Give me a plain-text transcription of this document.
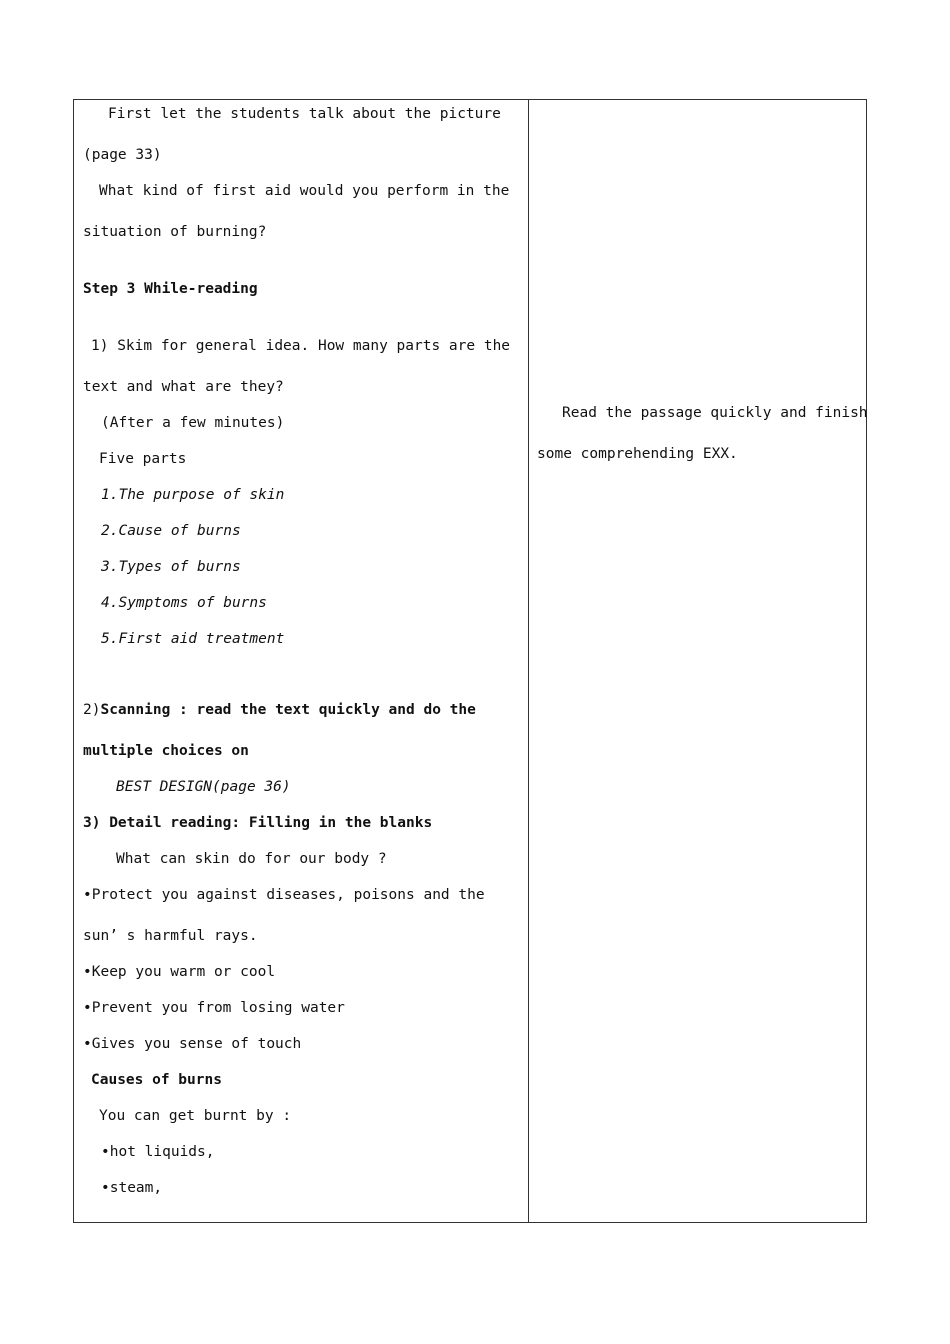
First let the students talk about the picture
(page 33)
What kind of first aid would you perform in the
situation of burning?
Step 3 While-reading
1) Skim for general idea. How many parts are the
text and what are they?
(After a few minutes)
Five parts
1.The purpose of skin
2.Cause of burns
3.Types of burns
4.Symptoms of burns
5.First aid treatment
2)Scanning : read the text quickly and do the
multiple choices on
BEST DESIGN(page 36)
3) Detail reading: Filling in the blanks
What can skin do for our body ?
•Protect you against diseases, poisons and the
sun’ s harmful rays.
•Keep you warm or cool
•Prevent you from losing water
•Gives you sense of touch
Causes of burns
You can get burnt by :
•hot liquids,
•steam,
Read the passage quickly and finish
some comprehending EXX.
